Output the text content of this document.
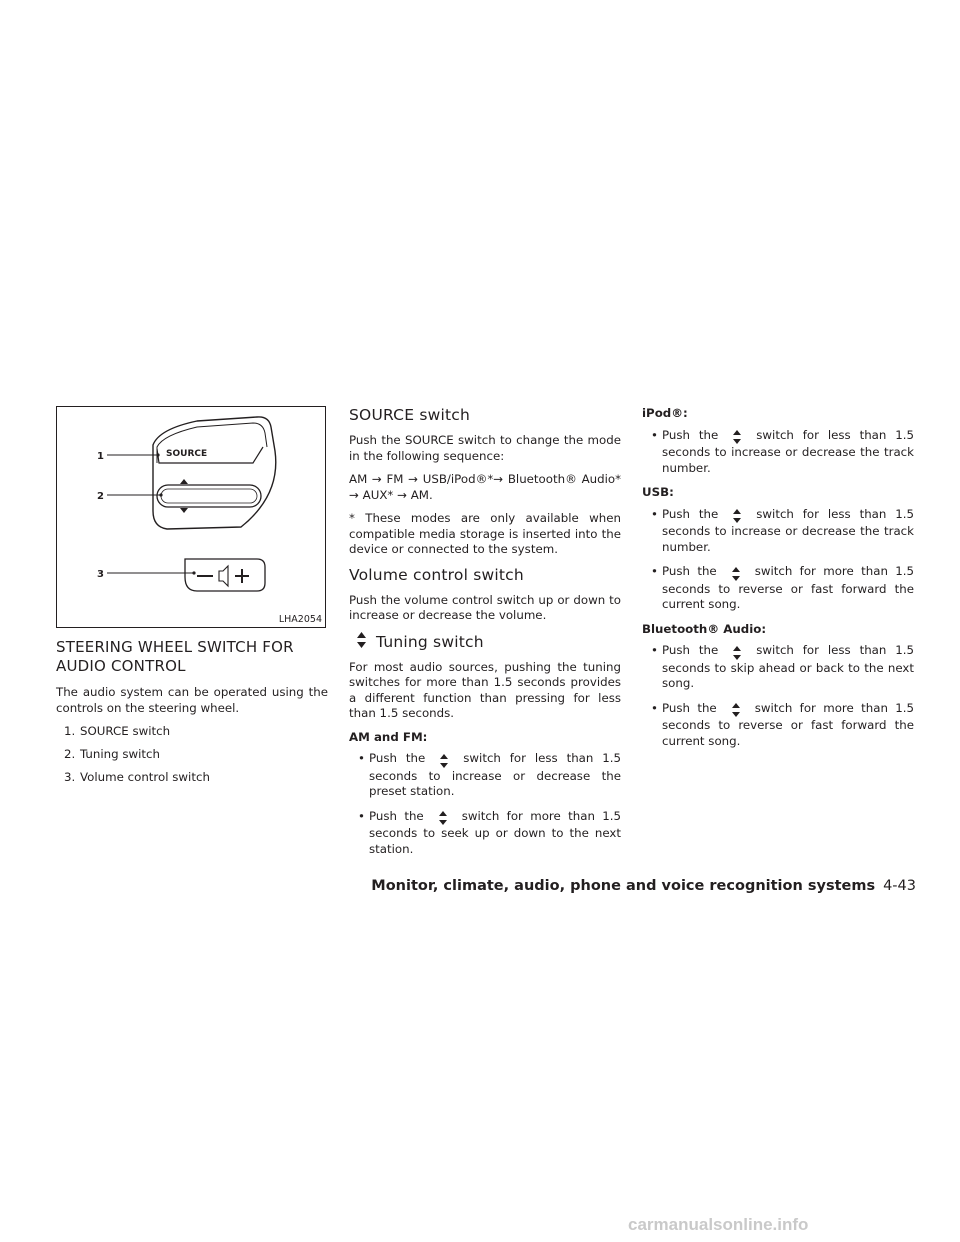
SOURCE
1
2
3
LHA2054
STEERING WHEEL SWITCH FOR
AUDIO CONTROL

The audio system can be operated using the controls on the steering wheel.

1. SOURCE switch
2. Tuning switch
3. Volume control switch
SOURCE switch

Push the SOURCE switch to change the mode in the following sequence:

AM → FM → USB/iPod®*→ Bluetooth® Audio* → AUX* → AM.

* These modes are only available when compatible media storage is inserted into the device or connected to the system.

Volume control switch

Push the volume control switch up or down to increase or decrease the volume.

Tuning switch

For most audio sources, pushing the tuning switches for more than 1.5 seconds provides a different function than pressing for less than 1.5 seconds.

AM and FM:
• Push the	switch for less than 1.5 seconds to increase or decrease the preset station.
• Push the	switch for more than 1.5 seconds to seek up or down to the next station.
iPod®:
• Push the	switch for less than 1.5 seconds to increase or decrease the track number.
USB:
• Push the	switch for less than 1.5 seconds to increase or decrease the track number.
• Push the	switch for more than 1.5 seconds to reverse or fast forward the current song.
Bluetooth® Audio:
• Push the	switch for less than 1.5 seconds to skip ahead or back to the next song.
• Push the	switch for more than 1.5 seconds to reverse or fast forward the current song.
Monitor, climate, audio, phone and voice recognition systems 4-43
carmanualsonline.info
